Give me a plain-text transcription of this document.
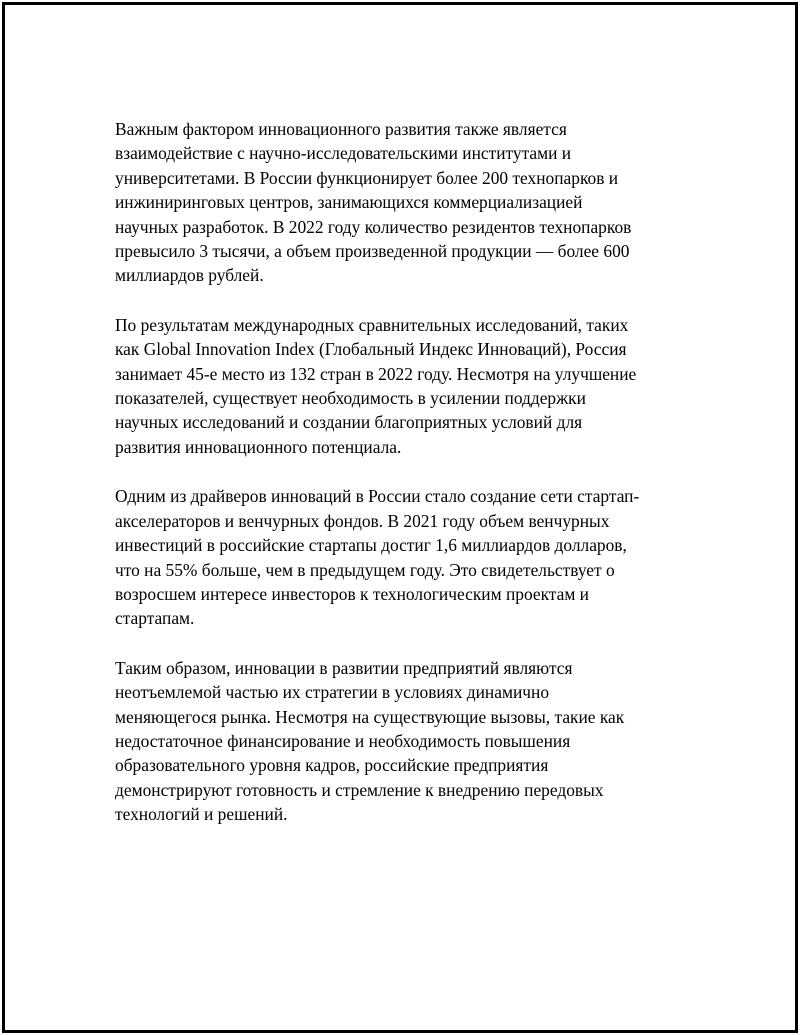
Важным фактором инновационного развития также является
взаимодействие с научно-исследовательскими институтами и
университетами. В России функционирует более 200 технопарков и
инжиниринговых центров, занимающихся коммерциализацией
научных разработок. В 2022 году количество резидентов технопарков
превысило 3 тысячи, а объем произведенной продукции — более 600
миллиардов рублей.

По результатам международных сравнительных исследований, таких
как Global Innovation Index (Глобальный Индекс Инноваций), Россия
занимает 45-е место из 132 стран в 2022 году. Несмотря на улучшение
показателей, существует необходимость в усилении поддержки
научных исследований и создании благоприятных условий для
развития инновационного потенциала.

Одним из драйверов инноваций в России стало создание сети стартап-
акселераторов и венчурных фондов. В 2021 году объем венчурных
инвестиций в российские стартапы достиг 1,6 миллиардов долларов,
что на 55% больше, чем в предыдущем году. Это свидетельствует о
возросшем интересе инвесторов к технологическим проектам и
стартапам.

Таким образом, инновации в развитии предприятий являются
неотъемлемой частью их стратегии в условиях динамично
меняющегося рынка. Несмотря на существующие вызовы, такие как
недостаточное финансирование и необходимость повышения
образовательного уровня кадров, российские предприятия
демонстрируют готовность и стремление к внедрению передовых
технологий и решений.
